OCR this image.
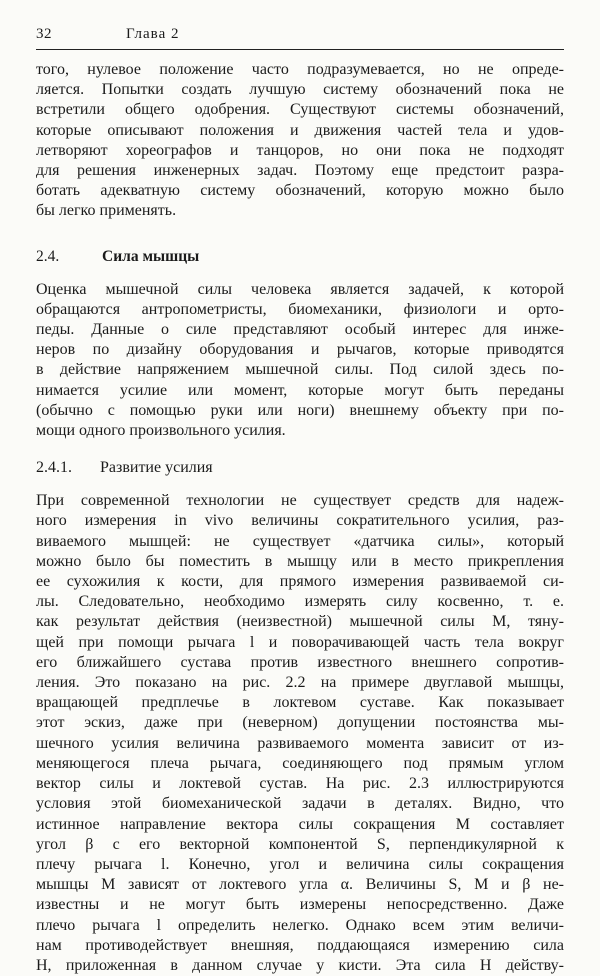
32	Глава 2

того, нулевое положение часто подразумевается, но не опреде-
ляется. Попытки создать лучшую систему обозначений пока не
встретили общего одобрения. Существуют системы обозначений,
которые описывают положения и движения частей тела и удов-
летворяют хореографов и танцоров, но они пока не подходят
для решения инженерных задач. Поэтому еще предстоит разра-
ботать адекватную систему обозначений, которую можно было
бы легко применять.

2.4.	Сила мышцы

Оценка мышечной силы человека является задачей, к которой
обращаются антропометристы, биомеханики, физиологи и орто-
педы. Данные о силе представляют особый интерес для инже-
неров по дизайну оборудования и рычагов, которые приводятся
в действие напряжением мышечной силы. Под силой здесь по-
нимается усилие или момент, которые могут быть переданы
(обычно с помощью руки или ноги) внешнему объекту при по-
мощи одного произвольного усилия.

2.4.1.	Развитие усилия

При современной технологии не существует средств для надеж-
ного измерения in vivo величины сократительного усилия, раз-
виваемого мышцей: не существует «датчика силы», который
можно было бы поместить в мышцу или в место прикрепления
ее сухожилия к кости, для прямого измерения развиваемой си-
лы. Следовательно, необходимо измерять силу косвенно, т. е.
как результат действия (неизвестной) мышечной силы M, тяну-
щей при помощи рычага l и поворачивающей часть тела вокруг
его ближайшего сустава против известного внешнего сопротив-
ления. Это показано на рис. 2.2 на примере двуглавой мышцы,
вращающей предплечье в локтевом суставе. Как показывает
этот эскиз, даже при (неверном) допущении постоянства мы-
шечного усилия величина развиваемого момента зависит от из-
меняющегося плеча рычага, соединяющего под прямым углом
вектор силы и локтевой сустав. На рис. 2.3 иллюстрируются
условия этой биомеханической задачи в деталях. Видно, что
истинное направление вектора силы сокращения M составляет
угол β с его векторной компонентой S, перпендикулярной к
плечу рычага l. Конечно, угол и величина силы сокращения
мышцы M зависят от локтевого угла α. Величины S, M и β не-
известны и не могут быть измерены непосредственно. Даже
плечо рычага l определить нелегко. Однако всем этим величи-
нам противодействует внешняя, поддающаяся измерению сила
H, приложенная в данном случае у кисти. Эта сила H действу-
